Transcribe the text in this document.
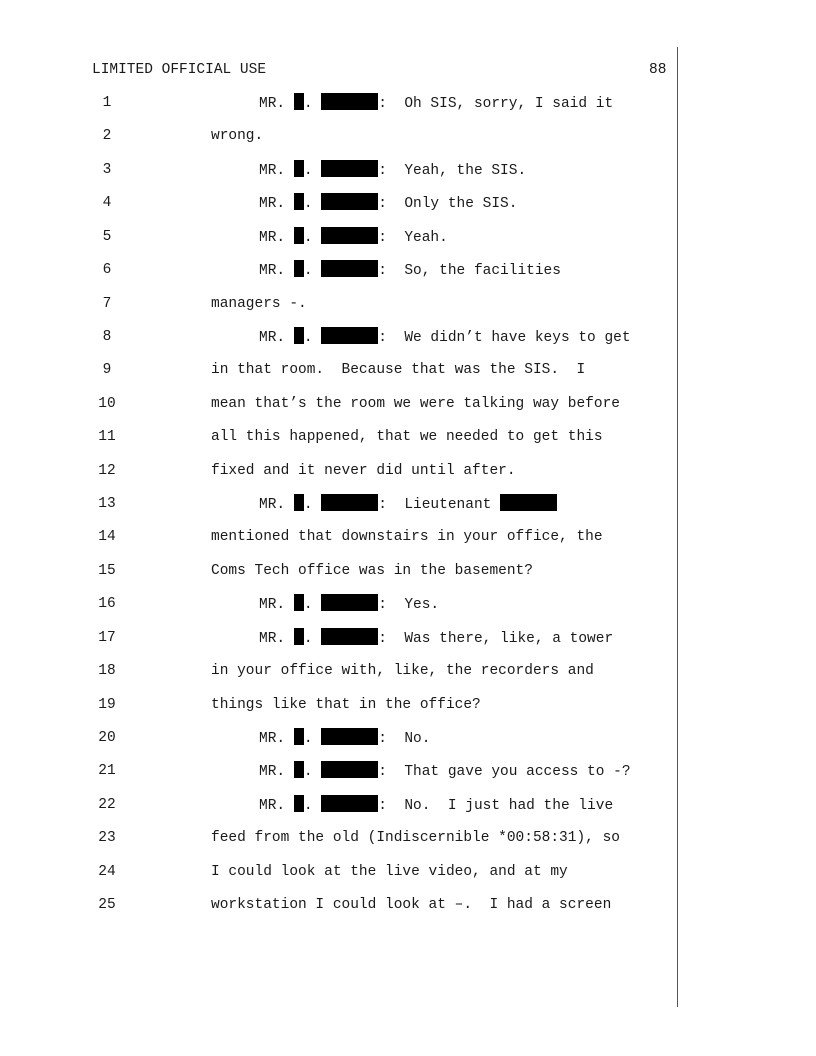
LIMITED OFFICIAL USE	88
1	MR. .	:  Oh SIS, sorry, I said it
2	wrong.
3	MR. .	:  Yeah, the SIS.
4	MR. .	:  Only the SIS.
5	MR. .	:  Yeah.
6	MR. .	:  So, the facilities
7	managers -.
8	MR. .	:  We didn’t have keys to get
9	in that room.  Because that was the SIS.  I
10	mean that’s the room we were talking way before
11	all this happened, that we needed to get this
12	fixed and it never did until after.
13	MR. .	:  Lieutenant
14	mentioned that downstairs in your office, the
15	Coms Tech office was in the basement?
16	MR. .	:  Yes.
17	MR. .	:  Was there, like, a tower
18	in your office with, like, the recorders and
19	things like that in the office?
20	MR. .	:  No.
21	MR. .	:  That gave you access to -?
22	MR. .	:  No.  I just had the live
23	feed from the old (Indiscernible *00:58:31), so
24	I could look at the live video, and at my
25	workstation I could look at –.  I had a screen
